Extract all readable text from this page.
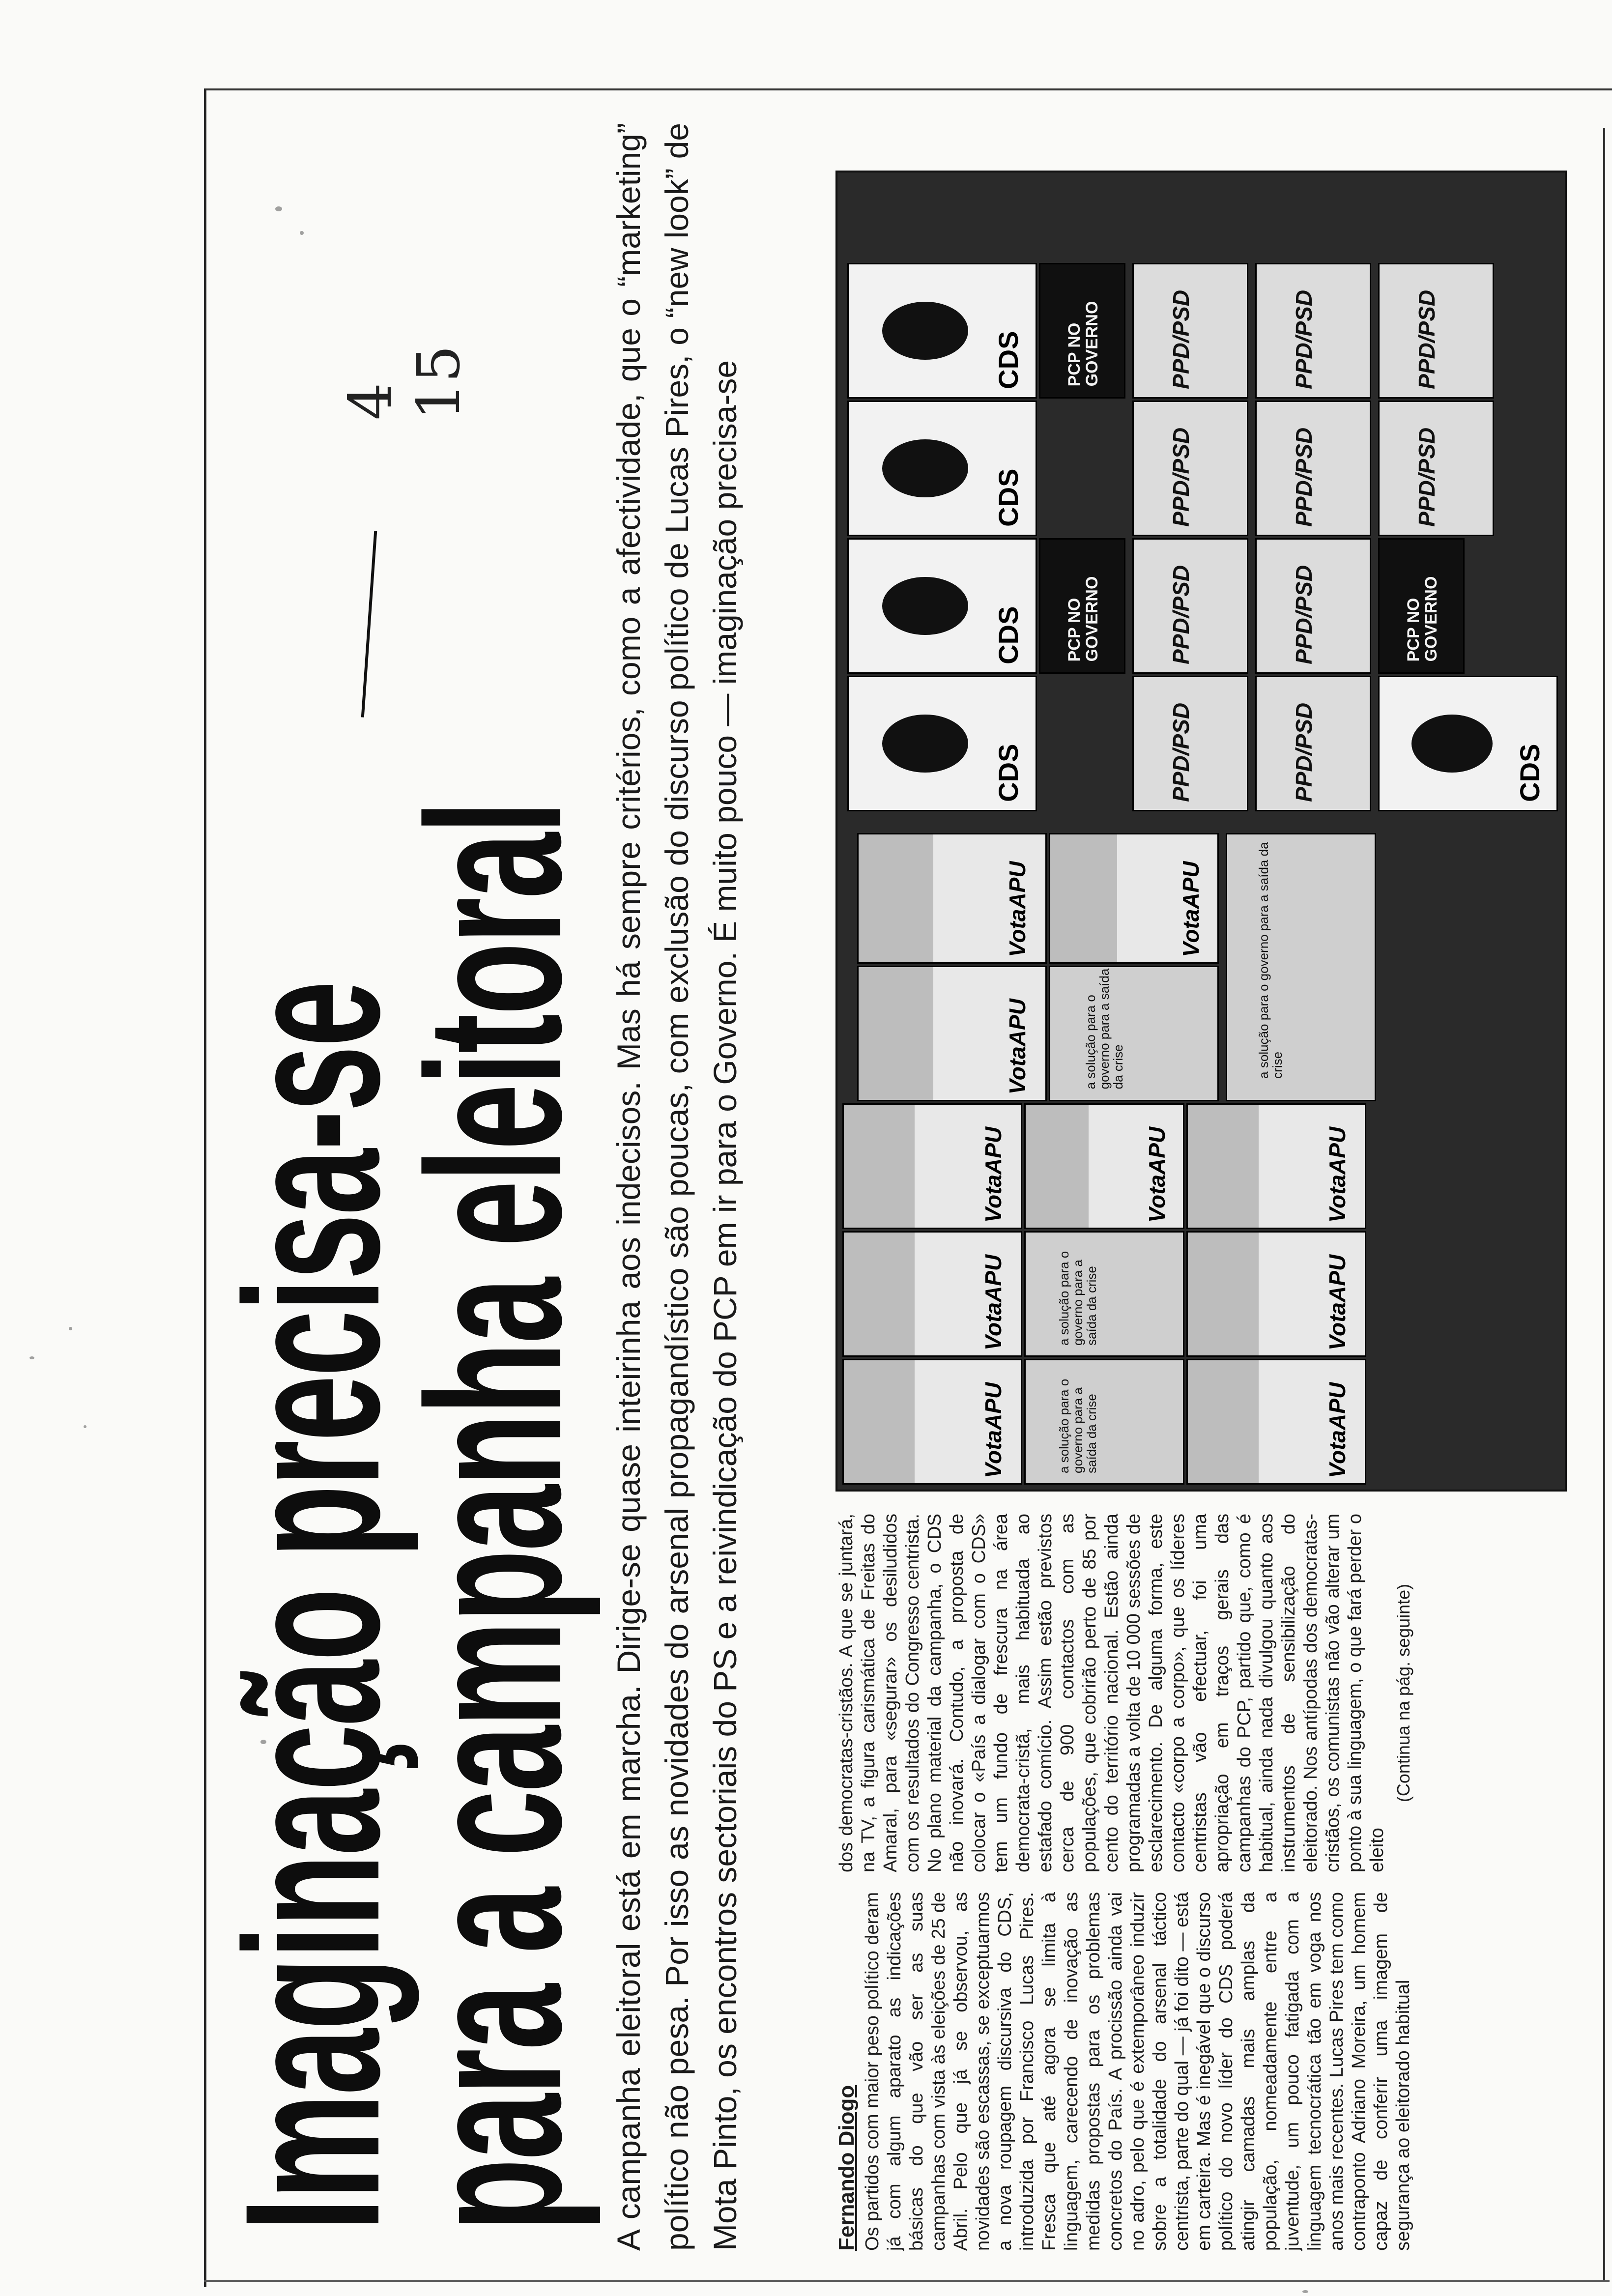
4 15
Imaginação precisa-se
para a campanha eleitoral A campanha eleitoral está em marcha. Dirige-se quase inteirinha aos indecisos. Mas há sempre critérios, como a afectividade, que o “marketing” político não pesa. Por isso as novidades do arsenal propagandístico são poucas, com exclusão do discurso político de Lucas Pires, o “new look” de Mota Pinto, os encontros sectoriais do PS e a reivindicação do PCP em ir para o Governo. É muito pouco — imaginação precisa-se	Fernando Diogo Os partidos com maior peso político deram já com algum aparato as indicações básicas do que vão ser as suas campanhas com vista às eleições de 25 de Abril. Pelo que já se observou, as novidades são escassas, se exceptuarmos a nova roupagem discursiva do CDS, introduzida por Francisco Lucas Pires. Fresca que até agora se limita à linguagem, carecendo de inovação as medidas propostas para os problemas concretos do País. A procissão ainda vai no adro, pelo que é extemporâneo induzir sobre a totalidade do arsenal táctico centrista, parte do qual — já foi dito — está em carteira. Mas é inegável que o discurso político do novo líder do CDS poderá atingir camadas mais amplas da população, nomeadamente entre a juventude, um pouco fatigada com a linguagem tecnocrática tão em voga nos anos mais recentes. Lucas Pires tem como contraponto Adriano Moreira, um homem capaz de conferir uma imagem de segurança ao eleitorado habitual
dos democratas-cristãos. A que se juntará, na TV, a figura carismática de Freitas do Amaral, para «segurar» os desiludidos com os resultados do Congresso centrista. No plano material da campanha, o CDS não inovará. Contudo, a proposta de colocar o «País a dialogar com o CDS» tem um fundo de frescura na área democrata-cristã, mais habituada ao estafado comício. Assim estão previstos cerca de 900 contactos com as populações, que cobrirão perto de 85 por cento do território nacional. Estão ainda programadas a volta de 10 000 sessões de esclarecimento. De alguma forma, este contacto «corpo a corpo», que os líderes centristas vão efectuar, foi uma apropriação em traços gerais das campanhas do PCP, partido que, como é habitual, ainda nada divulgou quanto aos instrumentos de sensibilização do eleitorado. Nos antípodas dos democratas-cristãos, os comunistas não vão alterar um ponto à sua linguagem, o que fará perder o eleito
(Continua na pág. seguinte)
VotaAPU
VotaAPU
VotaAPU
a solução para o governo para a saída da crise
a solução para o governo para a saída da crise
VotaAPU
VotaAPU
VotaAPU
VotaAPU
VotaAPU	a solução para o governo para a saída da crise
VotaAPU	VotaAPU	a solução para o governo para a saída da crise
CDS
CDS
CDS
CDS
PCP NO GOVERNO
PCP NO GOVERNO
PPD/PSD
PPD/PSD
PPD/PSD
PPD/PSD
PPD/PSD
PPD/PSD
PPD/PSD
PPD/PSD
CDS
PCP NO GOVERNO
PPD/PSD
PPD/PSD
